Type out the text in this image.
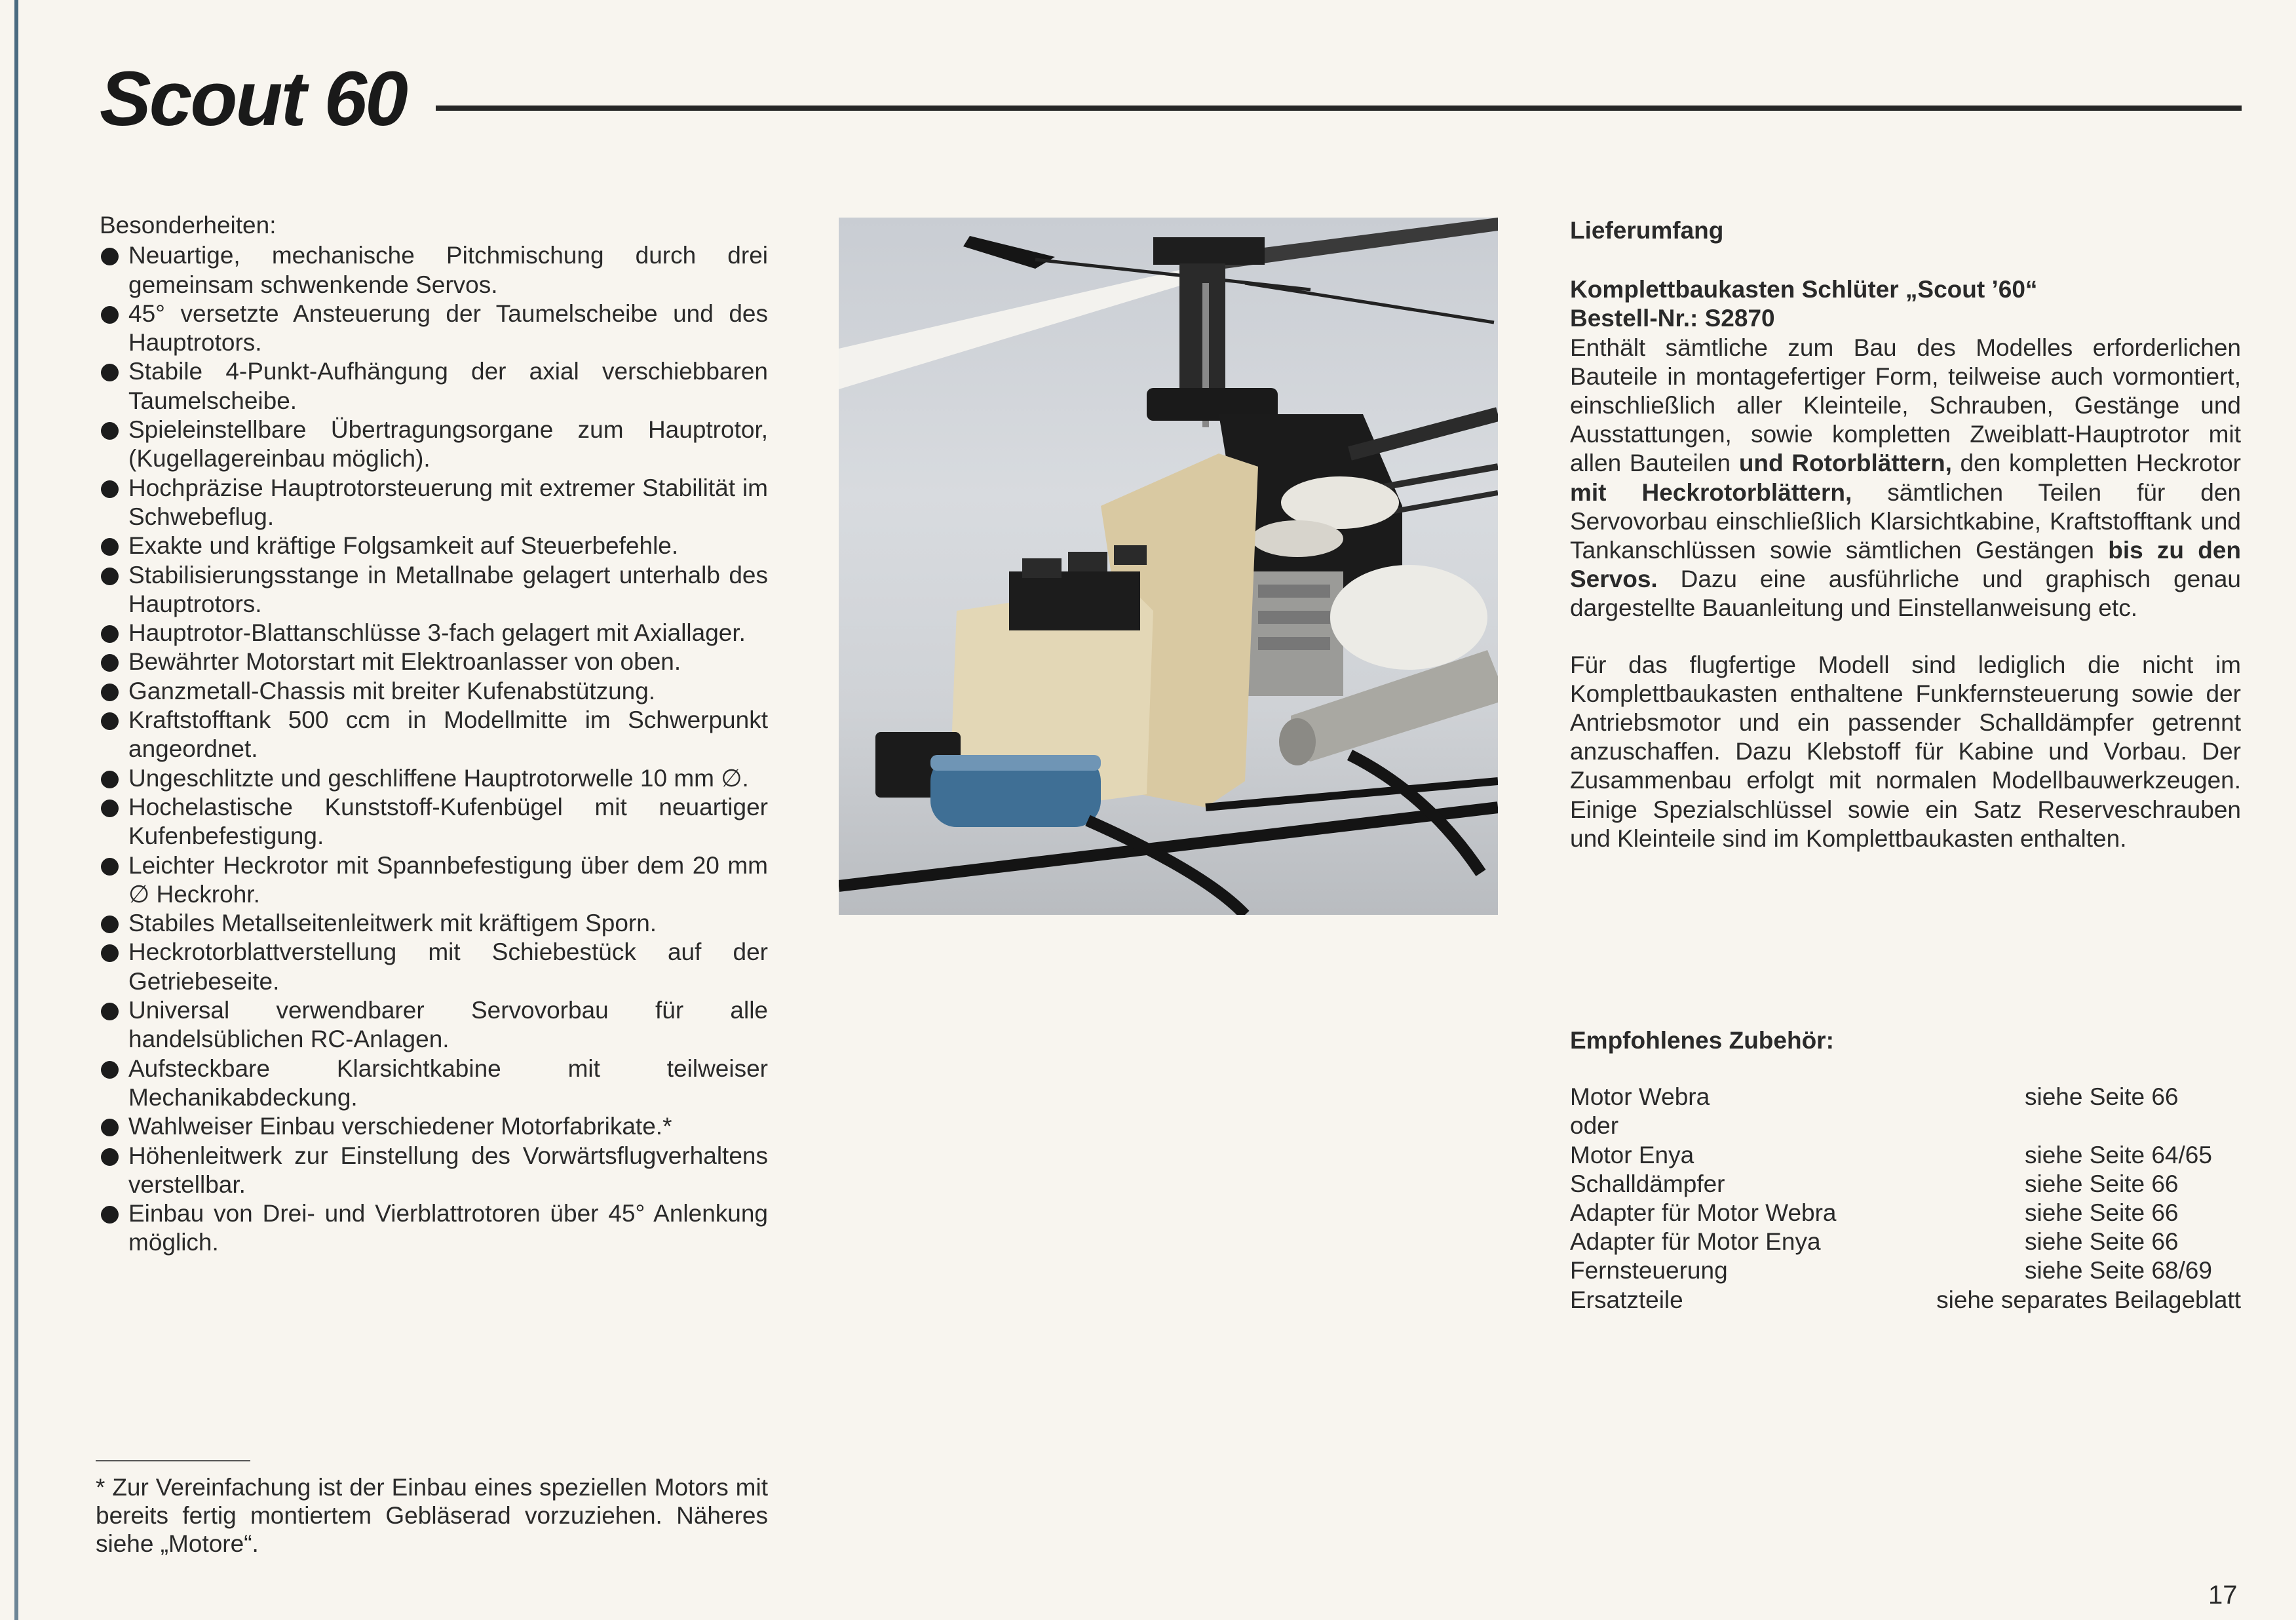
Scout 60

Besonderheiten:

Neuartige, mechanische Pitchmischung durch drei gemeinsam schwenkende Servos.
45° versetzte Ansteuerung der Taumelscheibe und des Hauptrotors.
Stabile 4-Punkt-Aufhängung der axial verschiebbaren Taumelscheibe.
Spieleinstellbare Übertragungsorgane zum Hauptrotor, (Kugellagereinbau möglich).
Hochpräzise Hauptrotorsteuerung mit extremer Stabilität im Schwebeflug.
Exakte und kräftige Folgsamkeit auf Steuerbefehle.
Stabilisierungsstange in Metallnabe gelagert unterhalb des Hauptrotors.
Hauptrotor-Blattanschlüsse 3-fach gelagert mit Axiallager.
Bewährter Motorstart mit Elektroanlasser von oben.
Ganzmetall-Chassis mit breiter Kufenabstützung.
Kraftstofftank 500 ccm in Modellmitte im Schwerpunkt angeordnet.
Ungeschlitzte und geschliffene Hauptrotorwelle 10 mm ∅.
Hochelastische Kunststoff-Kufenbügel mit neuartiger Kufenbefestigung.
Leichter Heckrotor mit Spannbefestigung über dem 20 mm ∅ Heckrohr.
Stabiles Metallseitenleitwerk mit kräftigem Sporn.
Heckrotorblattverstellung mit Schiebestück auf der Getriebeseite.
Universal verwendbarer Servovorbau für alle handelsüblichen RC-Anlagen.
Aufsteckbare Klarsichtkabine mit teilweiser Mechanikabdeckung.
Wahlweiser Einbau verschiedener Motorfabrikate.*
Höhenleitwerk zur Einstellung des Vorwärtsflugverhaltens verstellbar.
Einbau von Drei- und Vierblattrotoren über 45° Anlenkung möglich.

* Zur Vereinfachung ist der Einbau eines speziellen Motors mit bereits fertig montiertem Gebläserad vorzuziehen. Näheres siehe „Motore“.

Lieferumfang

Komplettbaukasten Schlüter „Scout ’60“

Bestell-Nr.: S2870

Enthält sämtliche zum Bau des Modelles erforderlichen Bauteile in montagefertiger Form, teilweise auch vormontiert, einschließlich aller Kleinteile, Schrauben, Gestänge und Ausstattungen, sowie kompletten Zweiblatt-Hauptrotor mit allen Bauteilen und Rotorblättern, den kompletten Heckrotor mit Heckrotorblättern, sämtlichen Teilen für den Servovorbau einschließlich Klarsichtkabine, Kraftstofftank und Tankanschlüssen sowie sämtlichen Gestängen bis zu den Servos. Dazu eine ausführliche und graphisch genau dargestellte Bauanleitung und Einstellanweisung etc.

Für das flugfertige Modell sind lediglich die nicht im Komplettbaukasten enthaltene Funkfernsteuerung sowie der Antriebsmotor und ein passender Schalldämpfer getrennt anzuschaffen. Dazu Klebstoff für Kabine und Vorbau. Der Zusammenbau erfolgt mit normalen Modellbauwerkzeugen. Einige Spezialschlüssel sowie ein Satz Reserveschrauben und Kleinteile sind im Komplettbaukasten enthalten.

Empfohlenes Zubehör:

Motor Webra	siehe Seite 66
oder
Motor Enya	siehe Seite 64/65
Schalldämpfer	siehe Seite 66
Adapter für Motor Webra	siehe Seite 66
Adapter für Motor Enya	siehe Seite 66
Fernsteuerung	siehe Seite 68/69
Ersatzteile	siehe separates Beilageblatt

17
